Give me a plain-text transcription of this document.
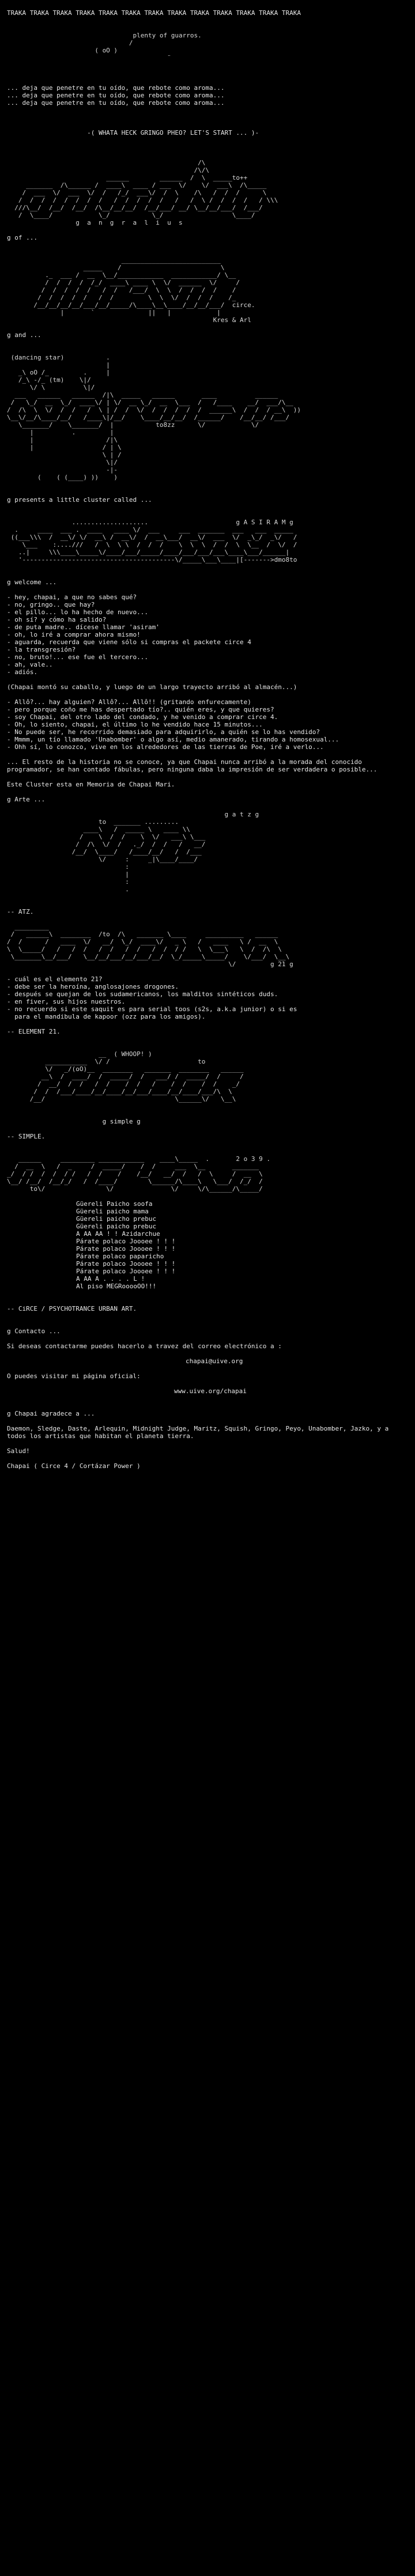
TRAKA TRAKA TRAKA TRAKA TRAKA TRAKA TRAKA TRAKA TRAKA TRAKA TRAKA TRAKA TRAKA
plenty of guarros.
/
( oO )
¨
... deja que penetre en tu oído, que rebote como aroma...
... deja que penetre en tu oído, que rebote como aroma...
... deja que penetre en tu oído, que rebote como aroma...
-( WHATA HECK GRINGO PHEO? LET'S START ... )-
/\
/\/\
______        ______  /  \  _____to++
_______  /\______ /  ____\  ____ / ___  \/    \/  ___\  /\_____
/  ___  \/  ___  \/  /   /_/  ___\/  /  \    /\   /  /  /      \
/  /  /  /  /  /  /  /   /  /  /  /  /   /   /  \ /  /  /  /   / \\\
///\__/  /__/  /__/  /\__/__/__/  /__/___/ __/ \__/__/___/  /___/
/  \____/            \_/           \_/                  \____/
g  a  n  g  r  a  l  i  u  s
g of ...
__________________________
_____    /                          \
._  ___ /  __  \__/____________  ____________/ \__
/  /  /  /  /_/  ____\ ____ \  \/  ______  \/     /
/  /  /  /  /   /  /   /___/  \  \  /  /  /  /    /
/  /  /  /  /   /  /         \  \  \/  /  /  /    /_
/__/__/__/__/___/__/_____/\____\__\____/__/__/___/  circe.
|       `              ||   |            |
Kres & Arl
g and ...
(dancing star)           .
|
_\ oO /_         .     |
/_\ -/_ (tm)    \|/
\/ \          \|/
___   ______   ______  /|\  _____   ______       ____          ______
/   \_/  __  \_/  ____\/ | \/  __ \_/  __  \___  /   /____    __/  ___/\__
/  /\  \  \/  /  /   /  \ | /  /  \/  /  /  /  /  /  ______\  /  /  / __\  ))
\__\/__/\____/__/   /____\|/__/    \____/__/__/  /______/    /__/__/ /___/
\_______/    \_______/  |           to8zz      \/            \/
|          .         |
|                   /|\
|                  / | \
\ | /
\|/
-|-
(    ( (____) ))    )
g presents a little cluster called ...
....................                       g A S I R A M g
.     ____  ___ .  ____   ____ \/  ___     ___  _______  ___   ___  _____
((___\\\  /  __\/ \/  __\ /  __\/  /  __\___/  __\/  ___  \/  _\_/  _\/   /
\___    :....///   /  \  \ \  /  /  /    \  \  \  /  /  \  \__  /  \/  /
..|     \\\____\_____\/____/___/_____/____/___/___/___\____\___/______|
'----------------------------------------\/_____\___\____|[------->dmo8to
g welcome ...
- hey, chapai, a que no sabes qué?
- no, gringo.. que hay?
- el pillo... lo ha hecho de nuevo...
- oh sí? y cómo ha salido?
- de puta madre.. dícese llamar 'asiram'
- oh, lo iré a comprar ahora mismo!
- aguarda, recuerda que viene sólo si compras el packete circe 4
- la transgresión?
- no, bruto!... ese fue el tercero...
- ah, vale..
- adiós.
(Chapai montó su caballo, y luego de un largo trayecto arribó al almacén...)
- Allô?... hay alguien? Allô?... Allô!! (gritando enfurecamente)
- pero porque coño me has despertado tío?.. quién eres, y que quieres?
- soy Chapai, del otro lado del condado, y he venido a comprar circe 4.
- Oh, lo siento, chapai, el último lo he vendido hace 15 minutos...
- No puede ser, he recorrido demasiado para adquirirlo, a quién se lo has vendido?
- Mmmm, un tío llamado 'Unabomber' o algo así, medio amanerado, tirando a homosexual...
- Ohh sí, lo conozco, vive en los alrededores de las tierras de Poe, iré a verlo...
... El resto de la historia no se conoce, ya que Chapai nunca arribó a la morada del conocido programador, se han contado fábulas, pero ninguna daba la impresión de ser verdadera o posible...
Este Cluster esta en Memoria de Chapai Mari.
g Arte ...
g a t z g
to  _______ .........
____\   /  _____ \   ____ \\
/    \  /  /    \  \/   ___\ \___
/  /\  \/  /   ._/  /  /   /   __/
/__/  \____/   /____/__/   /  /___
\/     :     _|\____/____/
:
|
:
.
-- ATZ.
_________
/   ______\  ________  /to  /\   _______ \____     __________   ______
/  /      /   ____  \/   __/  \_/  ____\/   _ \   /   ____   \ /  __  \
\  \_____/   /   /  /   /  /   /  /   /  /  / /   \  \___\   \  /  /\  \
\_______\__/___/   \__/__/___/__/___/__/  \_/_____\_____/    \/___/  \__\
\/         g 21 g
- cuál es el elemento 21?
- debe ser la heroína, anglosajones drogones.
- después se quejan de los sudamericanos, los malditos sintéticos duds.
- en fiver, sus hijos nuestros.
- no recuerdo si este saquit es para serial toos (s2s, a.k.a junior) o si es
para el mandibula de kapoor (ozz para los amigos).
-- ELEMENT 21.
__  ( WHOOP! )
___________  \/ /                       to
\/   _/(oO)__  ________   _______  ________   ______
__\  /  ____/  /  _____/  /   ___/ /  _____/  /     /
/  __/  /  /   /  /    /  /   /    /  /    /  /    _/
/  /  /___/____/__/____/__/___/____/__/____/___/\  \
/__/                                  \______\/   \__\
g simple g
-- SIMPLE.
______     _________ ____________    ____\_____  .       2 o 3 9 .
/  __  \   /  _     /  _____/    /  /     ___  \__       _______
_/  / /  /  /  / /   /  /    /    /__/   __/  /   /  \     /  __  \
\__/ /__/  /__/_/   /  /____/        \______/\____\   \___/  /_/  /
to\/                \/               \/     \/\______/\_____/
Güereli Paicho soofa
Güereli paicho mama
Güereli paicho prebuc
Güereli paicho prebuc
A AA AA ! ! Azidarchue
Párate polaco Joooee ! ! !
Párate polaco Joooee ! ! !
Párate polaco paparicho
Párate polaco Joooee ! ! !
Párate polaco Joooee ! ! !
A AA A . . . . L !
Al piso MEGRooooOO!!!
-- CiRCE / PSYCHOTRANCE URBAN ART.
g Contacto ...
Si deseas contactarme puedes hacerlo a travez del correo electrónico a :
chapai@uive.org
O puedes visitar mi página oficial:
www.uive.org/chapai
g Chapai agradece a ...
Daemon, Sledge, Daste, Arlequin, Midnight Judge, Maritz, Squish, Gringo, Peyo, Unabomber, Jazko, y a todos los artistas que habitan el planeta tierra.
Salud!
Chapai ( Circe 4 / Cortázar Power )
